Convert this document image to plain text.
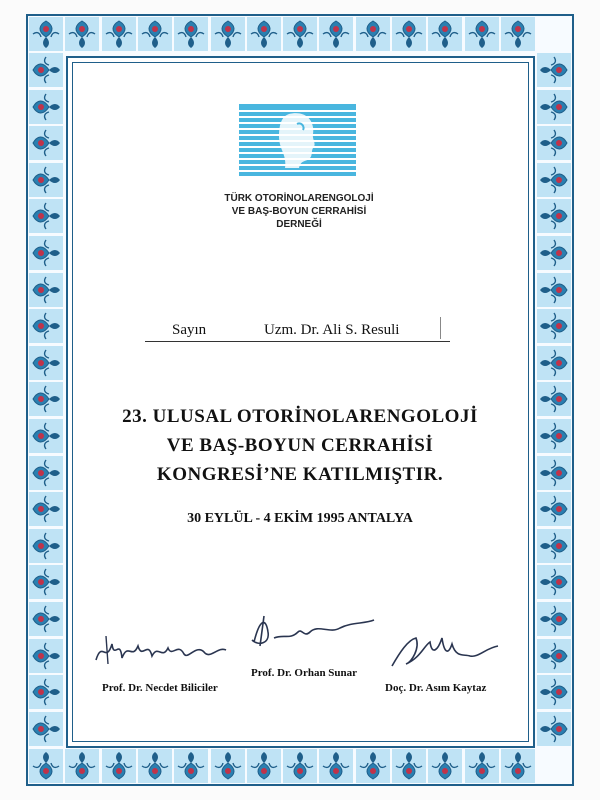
TÜRK OTORİNOLARENGOLOJİ
VE BAŞ-BOYUN CERRAHİSİ
DERNEĞİ
Sayın	Uzm. Dr. Ali S. Resuli
23. ULUSAL OTORİNOLARENGOLOJİ
VE BAŞ-BOYUN CERRAHİSİ
KONGRESİ’NE KATILMIŞTIR.
30 EYLÜL - 4 EKİM 1995 ANTALYA
Prof. Dr. Necdet Biliciler
Prof. Dr. Orhan Sunar
Doç. Dr. Asım Kaytaz
